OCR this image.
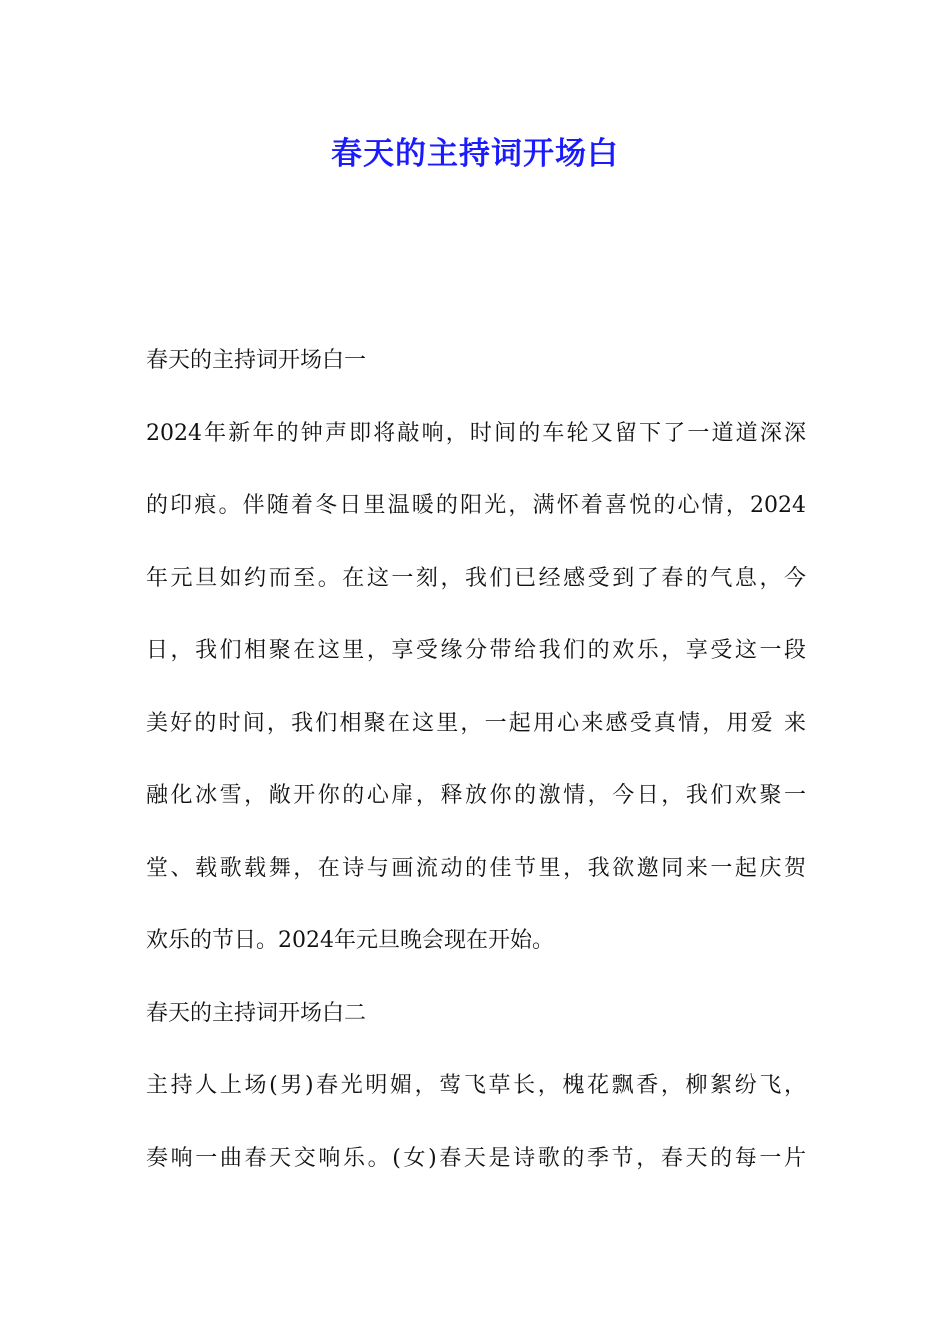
春天的主持词开场白
春天的主持词开场白一
2024年新年的钟声即将敲响，时间的车轮又留下了一道道深深
的印痕。伴随着冬日里温暖的阳光，满怀着喜悦的心情，2024
年元旦如约而至。在这一刻，我们已经感受到了春的气息，今
日，我们相聚在这里，享受缘分带给我们的欢乐，享受这一段
美好的时间，我们相聚在这里，一起用心来感受真情，用爱 来
融化冰雪，敞开你的心扉，释放你的激情，今日，我们欢聚一
堂、载歌载舞，在诗与画流动的佳节里，我欲邀同来一起庆贺
欢乐的节日。2024年元旦晚会现在开始。
春天的主持词开场白二
主持人上场(男)春光明媚，莺飞草长，槐花飘香，柳絮纷飞，
奏响一曲春天交响乐。(女)春天是诗歌的季节，春天的每一片
